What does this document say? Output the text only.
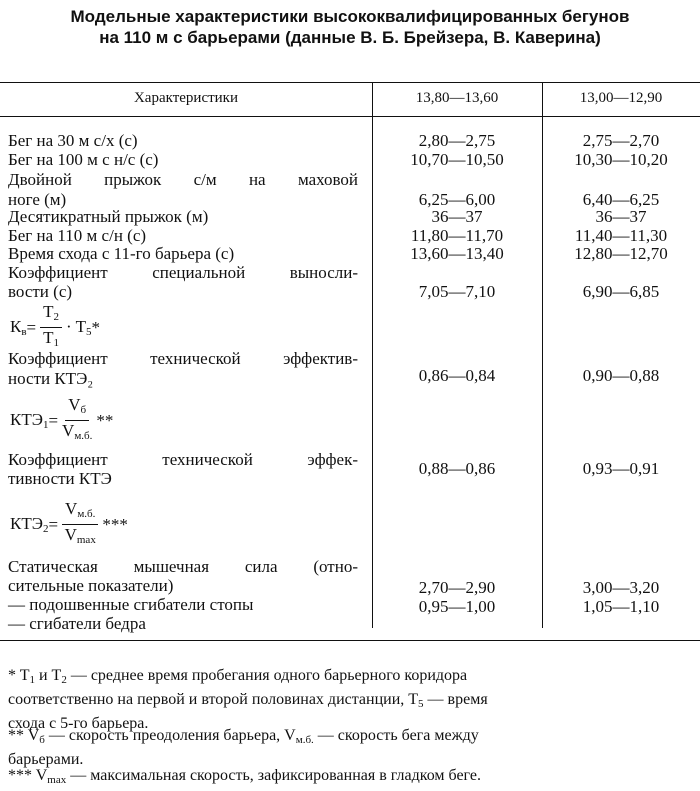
Модельные характеристики высококвалифицированных бегунов
на 110 м с барьерами (данные В. Б. Брейзера, В. Каверина)
Характеристики	13,80—13,60	13,00—12,90
Бег на 30 м с/х (с)	2,80—2,75	2,75—2,70
Бег на 100 м с н/с (с)	10,70—10,50	10,30—10,20
Двойной прыжок с/м на маховой
ноге (м)	6,25—6,00	6,40—6,25
Десятикратный прыжок (м)	36—37	36—37
Бег на 110 м с/н (с)	11,80—11,70	11,40—11,30
Время схода с 11-го барьера (с)	13,60—13,40	12,80—12,70
Коэффициент специальной выносли-
вости (с)	7,05—7,10	6,90—6,85
$К_в = \frac{T_2}{T_1} \cdot T_5$ *
Коэффициент технической эффектив-
ности КТЭ₂	0,86—0,84	0,90—0,88
$КТЭ_1 = \frac{V_б}{V_{м.б.}}$ **
Коэффициент технической эффек-
тивности КТЭ
0,88—0,86	0,93—0,91
$КТЭ_2 = \frac{V_{м.б.}}{V_{max}}$ ***
Статическая мышечная сила (отно-
сительные показатели)	2,70—2,90	3,00—3,20
— подошвенные сгибатели стопы	0,95—1,00	1,05—1,10
— сгибатели бедра
* $T_1$ и $T_2$ — среднее время пробегания одного барьерного коридора
соответственно на первой и второй половинах дистанции, $T_5$ — время
схода с 5-го барьера.
** $V_б$ — скорость преодоления барьера, $V_{м.б.}$ — скорость бега между
барьерами.
*** $V_{max}$ — максимальная скорость, зафиксированная в гладком беге.
